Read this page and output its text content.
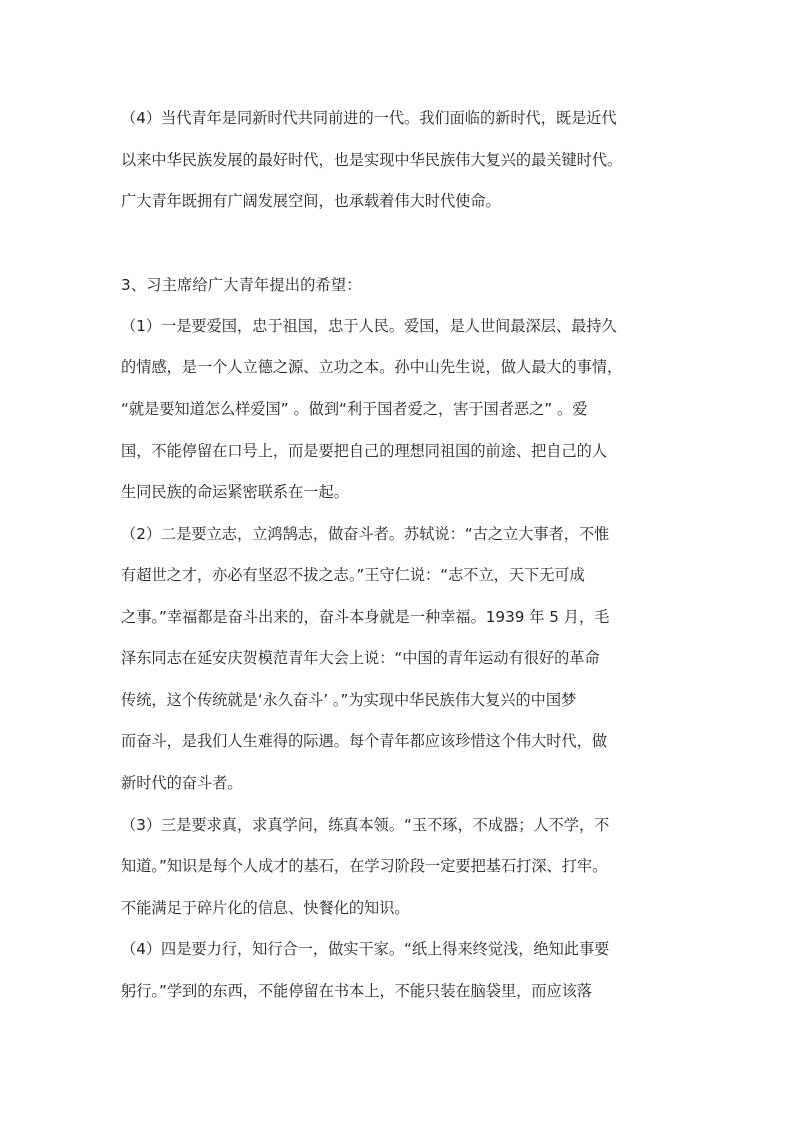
（4）当代青年是同新时代共同前进的一代。我们面临的新时代，既是近代
以来中华民族发展的最好时代，也是实现中华民族伟大复兴的最关键时代。
广大青年既拥有广阔发展空间，也承载着伟大时代使命。
3、习主席给广大青年提出的希望：
（1）一是要爱国，忠于祖国，忠于人民。爱国，是人世间最深层、最持久
的情感，是一个人立德之源、立功之本。孙中山先生说，做人最大的事情，
“就是要知道怎么样爱国” 。做到“利于国者爱之，害于国者恶之” 。爱
国，不能停留在口号上，而是要把自己的理想同祖国的前途、把自己的人
生同民族的命运紧密联系在一起。
（2）二是要立志，立鸿鹄志，做奋斗者。苏轼说：“古之立大事者，不惟
有超世之才，亦必有坚忍不拔之志。”王守仁说：“志不立，天下无可成
之事。”幸福都是奋斗出来的，奋斗本身就是一种幸福。1939 年 5 月，毛
泽东同志在延安庆贺模范青年大会上说：“中国的青年运动有很好的革命
传统，这个传统就是‘永久奋斗’ 。”为实现中华民族伟大复兴的中国梦
而奋斗，是我们人生难得的际遇。每个青年都应该珍惜这个伟大时代，做
新时代的奋斗者。
（3）三是要求真，求真学问，练真本领。“玉不琢，不成器；人不学，不
知道。”知识是每个人成才的基石，在学习阶段一定要把基石打深、打牢。
不能满足于碎片化的信息、快餐化的知识。
（4）四是要力行，知行合一，做实干家。“纸上得来终觉浅，绝知此事要
躬行。”学到的东西，不能停留在书本上，不能只装在脑袋里，而应该落
